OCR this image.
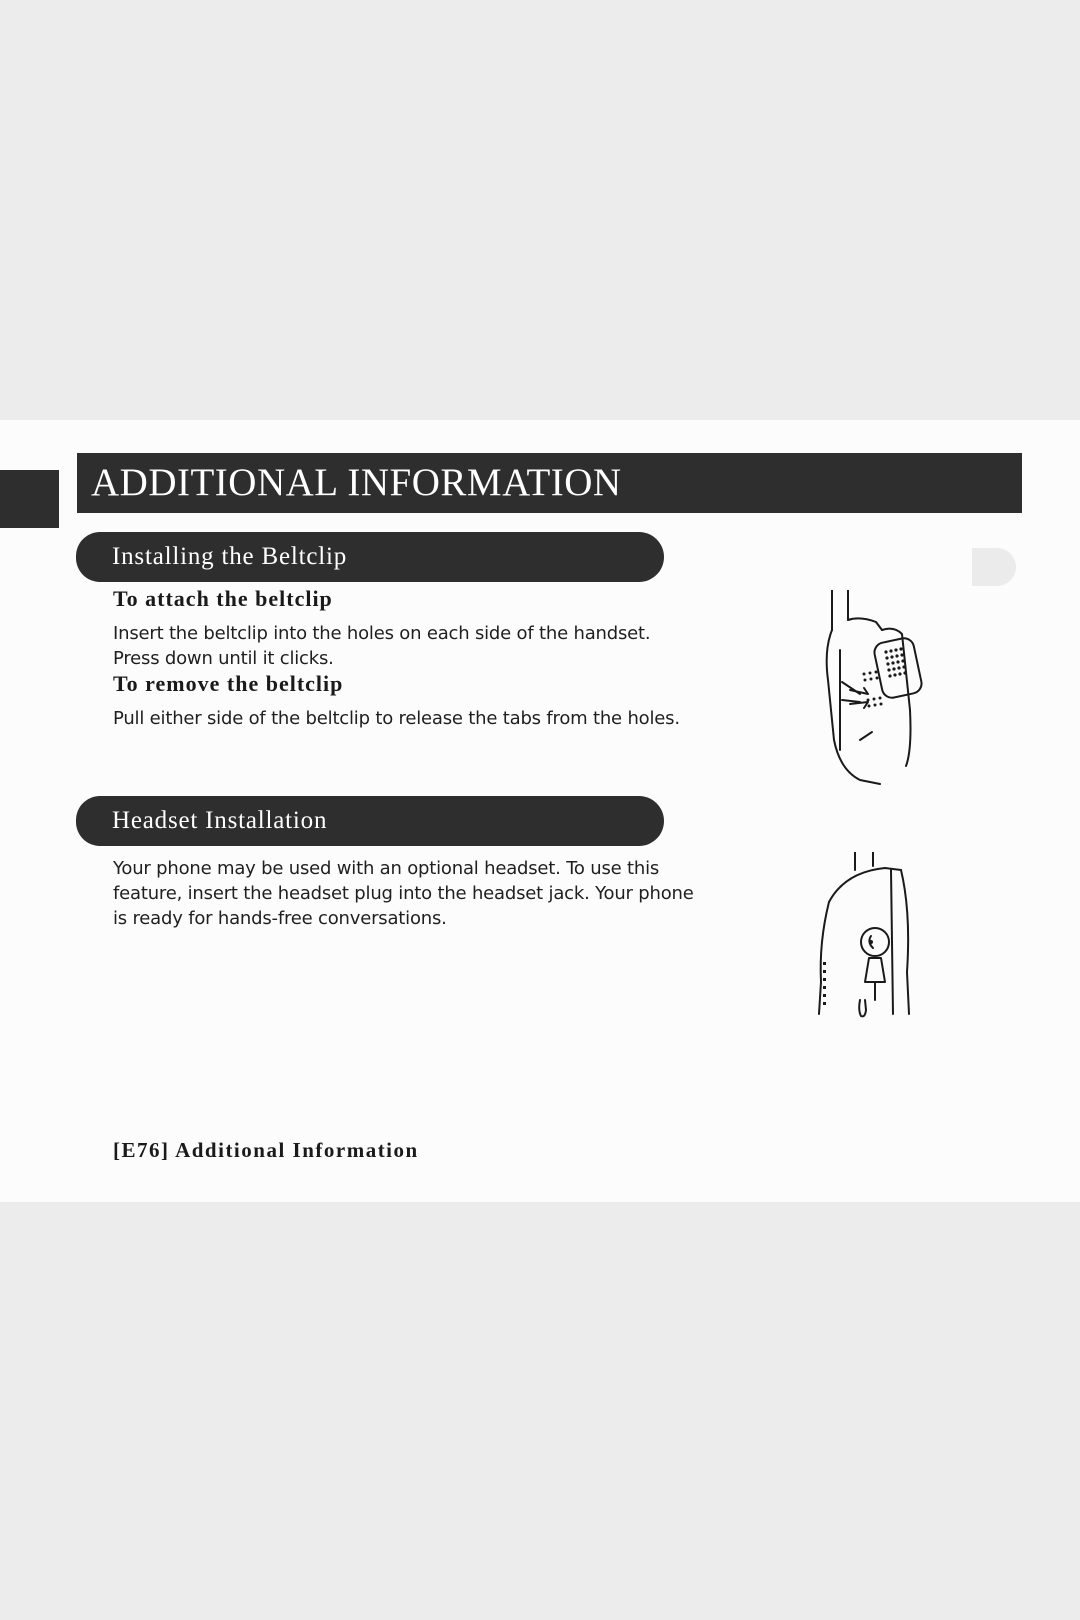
ADDITIONAL INFORMATION
Installing the Beltclip
To attach the beltclip
Insert the beltclip into the holes on each side of the handset.
Press down until it clicks.
To remove the beltclip
Pull either side of the beltclip to release the tabs from the holes.
Headset Installation
Your phone may be used with an optional headset. To use this
feature, insert the headset plug into the headset jack. Your phone
is ready for hands-free conversations.
[E76] Additional Information
